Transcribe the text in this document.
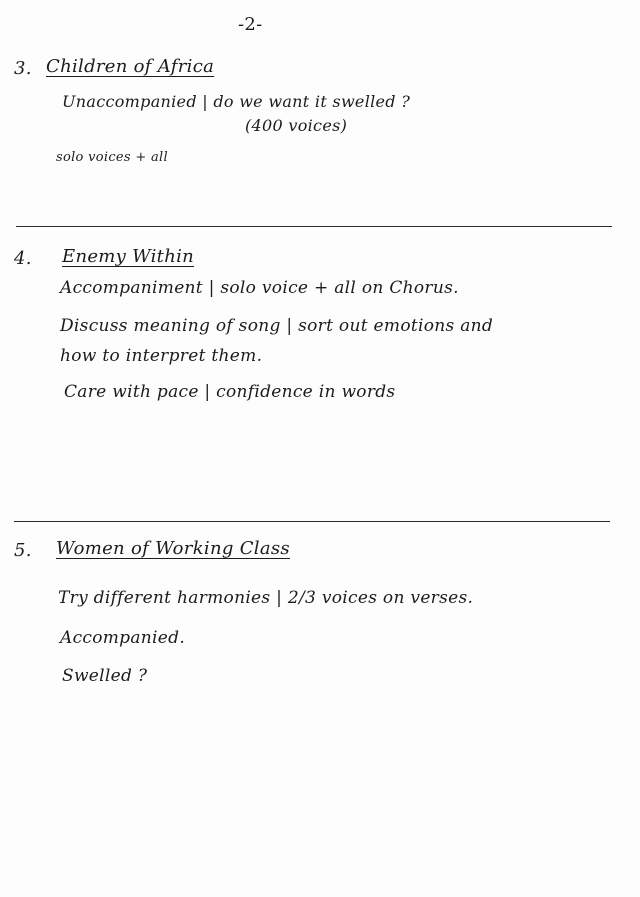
-2-
3. Children of Africa
Unaccompanied | do we want it swelled ?
(400 voices)
solo voices + all
4. Enemy Within
Accompaniment | solo voice + all on Chorus.
Discuss meaning of song | sort out emotions and
how to interpret them.
Care with pace | confidence in words
5. Women of Working Class
Try different harmonies | 2/3 voices on verses.
Accompanied.
Swelled ?
